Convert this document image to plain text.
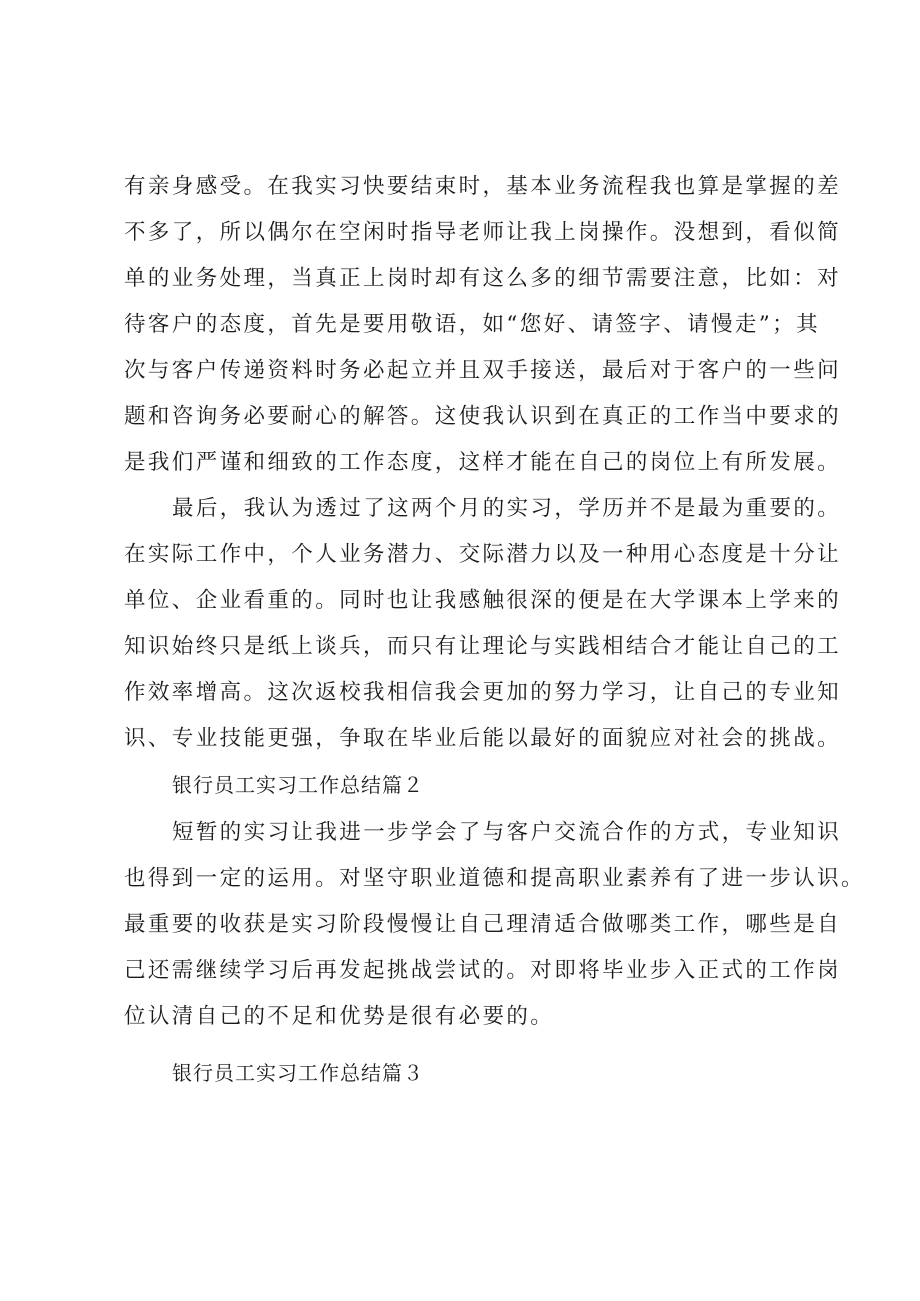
有亲身感受。在我实习快要结束时，基本业务流程我也算是掌握的差
不多了，所以偶尔在空闲时指导老师让我上岗操作。没想到，看似简
单的业务处理，当真正上岗时却有这么多的细节需要注意，比如：对
待客户的态度，首先是要用敬语，如“您好、请签字、请慢走”；其
次与客户传递资料时务必起立并且双手接送，最后对于客户的一些问
题和咨询务必要耐心的解答。这使我认识到在真正的工作当中要求的
是我们严谨和细致的工作态度，这样才能在自己的岗位上有所发展。
最后，我认为透过了这两个月的实习，学历并不是最为重要的。
在实际工作中，个人业务潜力、交际潜力以及一种用心态度是十分让
单位、企业看重的。同时也让我感触很深的便是在大学课本上学来的
知识始终只是纸上谈兵，而只有让理论与实践相结合才能让自己的工
作效率增高。这次返校我相信我会更加的努力学习，让自己的专业知
识、专业技能更强，争取在毕业后能以最好的面貌应对社会的挑战。
银行员工实习工作总结篇２
短暂的实习让我进一步学会了与客户交流合作的方式，专业知识
也得到一定的运用。对坚守职业道德和提高职业素养有了进一步认识。
最重要的收获是实习阶段慢慢让自己理清适合做哪类工作，哪些是自
己还需继续学习后再发起挑战尝试的。对即将毕业步入正式的工作岗
位认清自己的不足和优势是很有必要的。
银行员工实习工作总结篇３
